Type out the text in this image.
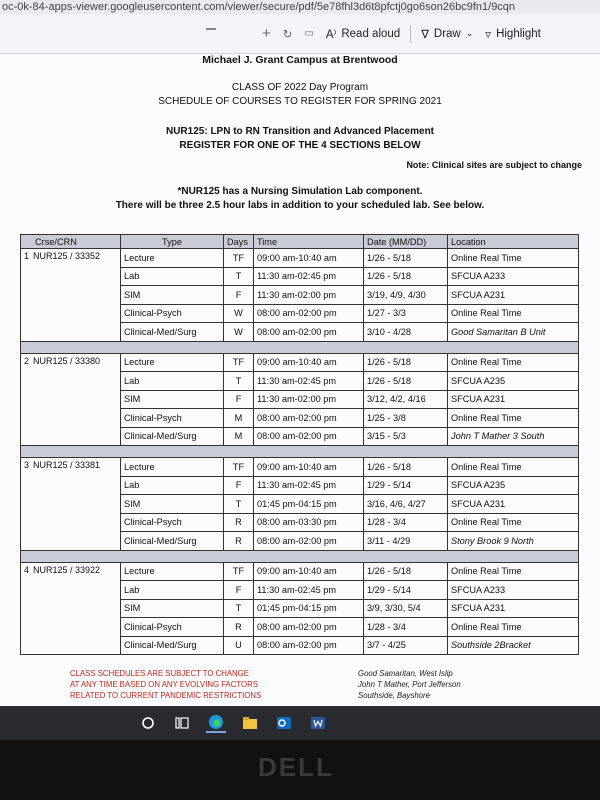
oc-0k-84-apps-viewer.googleusercontent.com/viewer/secure/pdf/5e78fhl3d6t8pfctj0go6son26bc9fn1/9cqn
+ ↻ ▭ A⁾ Read aloud ∇ Draw ⌄ ▿ Highlight
Michael J. Grant Campus at Brentwood
CLASS OF 2022 Day Program
SCHEDULE OF COURSES TO REGISTER FOR SPRING 2021
NUR125: LPN to RN Transition and Advanced Placement
REGISTER FOR ONE OF THE 4 SECTIONS BELOW
Note: Clinical sites are subject to change
*NUR125 has a Nursing Simulation Lab component.
There will be three 2.5 hour labs in addition to your scheduled lab. See below.
Crse/CRN	Type	Days	Time	Date (MM/DD)	Location
1 NUR125 / 33352	Lecture	TF	09:00 am-10:40 am	1/26 - 5/18	Online Real Time
	Lab	T	11:30 am-02:45 pm	1/26 - 5/18	SFCUA A233
	SIM	F	11:30 am-02:00 pm	3/19, 4/9, 4/30	SFCUA A231
	Clinical-Psych	W	08:00 am-02:00 pm	1/27 - 3/3	Online Real Time
	Clinical-Med/Surg	W	08:00 am-02:00 pm	3/10 - 4/28	Good Samaritan B Unit

2 NUR125 / 33380	Lecture	TF	09:00 am-10:40 am	1/26 - 5/18	Online Real Time
	Lab	T	11:30 am-02:45 pm	1/26 - 5/18	SFCUA A235
	SIM	F	11:30 am-02:00 pm	3/12, 4/2, 4/16	SFCUA A231
	Clinical-Psych	M	08:00 am-02:00 pm	1/25 - 3/8	Online Real Time
	Clinical-Med/Surg	M	08:00 am-02:00 pm	3/15 - 5/3	John T Mather 3 South

3 NUR125 / 33381	Lecture	TF	09:00 am-10:40 am	1/26 - 5/18	Online Real Time
	Lab	F	11:30 am-02:45 pm	1/29 - 5/14	SFCUA A235
	SIM	T	01:45 pm-04:15 pm	3/16, 4/6, 4/27	SFCUA A231
	Clinical-Psych	R	08:00 am-03:30 pm	1/28 - 3/4	Online Real Time
	Clinical-Med/Surg	R	08:00 am-02:00 pm	3/11 - 4/29	Stony Brook 9 North

4 NUR125 / 33922	Lecture	TF	09:00 am-10:40 am	1/26 - 5/18	Online Real Time
	Lab	F	11:30 am-02:45 pm	1/29 - 5/14	SFCUA A233
	SIM	T	01:45 pm-04:15 pm	3/9, 3/30, 5/4	SFCUA A231
	Clinical-Psych	R	08:00 am-02:00 pm	1/28 - 3/4	Online Real Time
	Clinical-Med/Surg	U	08:00 am-02:00 pm	3/7 - 4/25	Southside 2Bracket
CLASS SCHEDULES ARE SUBJECT TO CHANGE
AT ANY TIME BASED ON ANY EVOLVING FACTORS
RELATED TO CURRENT PANDEMIC RESTRICTIONS
Good Samaritan, West Islip
John T Mather, Port Jefferson
Southside, Bayshore
DELL
